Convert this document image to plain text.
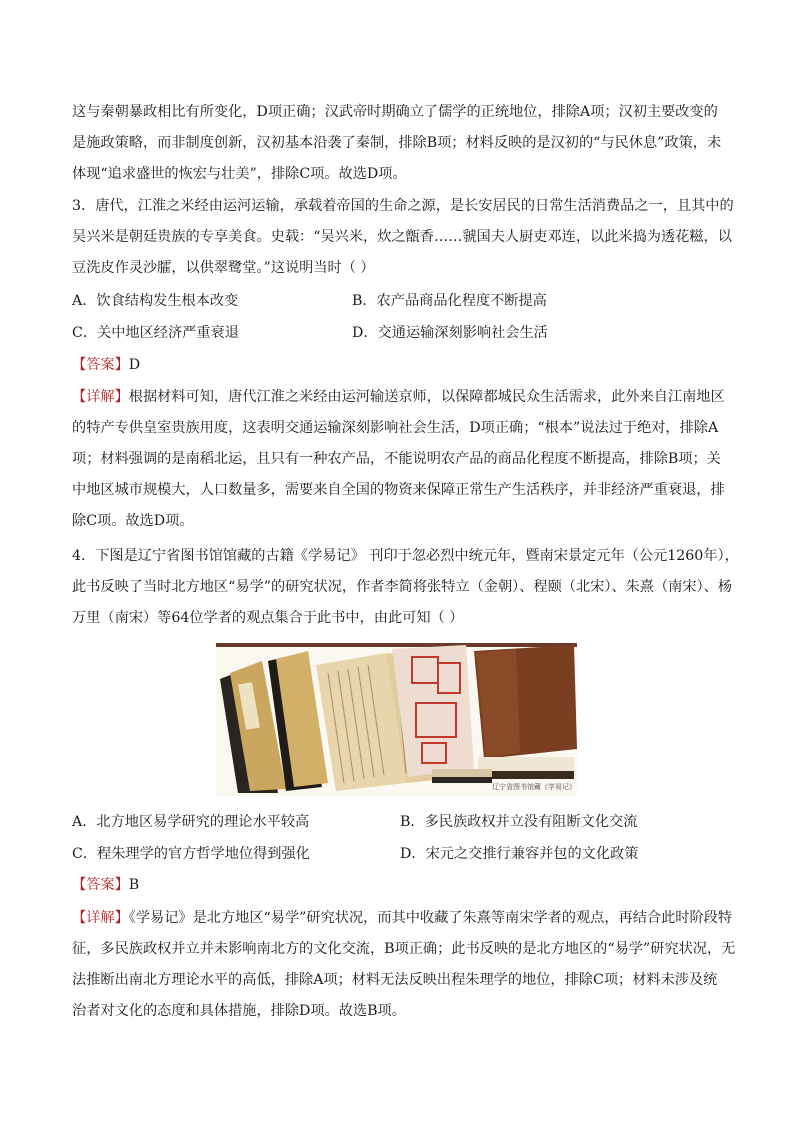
这与秦朝暴政相比有所变化，D项正确；汉武帝时期确立了儒学的正统地位，排除A项；汉初主要改变的
是施政策略，而非制度创新，汉初基本沿袭了秦制，排除B项；材料反映的是汉初的“与民休息”政策，未
体现“追求盛世的恢宏与壮美”，排除C项。故选D项。
3．唐代，江淮之米经由运河运输，承载着帝国的生命之源，是长安居民的日常生活消费品之一，且其中的
吴兴米是朝廷贵族的专享美食。史载：“吴兴米，炊之甑香……虢国夫人厨吏邓连，以此米捣为透花糍，以
豆洗皮作灵沙臛，以供翠鹭堂。”这说明当时（ ）
A．饮食结构发生根本改变	B．农产品商品化程度不断提高
C．关中地区经济严重衰退	D．交通运输深刻影响社会生活
【答案】D
【详解】根据材料可知，唐代江淮之米经由运河输送京师，以保障都城民众生活需求，此外来自江南地区
的特产专供皇室贵族用度，这表明交通运输深刻影响社会生活，D项正确；“根本”说法过于绝对，排除A
项；材料强调的是南稻北运，且只有一种农产品，不能说明农产品的商品化程度不断提高，排除B项；关
中地区城市规模大，人口数量多，需要来自全国的物资来保障正常生产生活秩序，并非经济严重衰退，排
除C项。故选D项。
4．下图是辽宁省图书馆馆藏的古籍《学易记》 刊印于忽必烈中统元年，暨南宋景定元年（公元1260年），
此书反映了当时北方地区“易学”的研究状况，作者李简将张特立（金朝）、程颐（北宋）、朱熹（南宋）、杨
万里（南宋）等64位学者的观点集合于此书中，由此可知（ ）
辽宁省图书馆藏《学易记》
A．北方地区易学研究的理论水平较高	B．多民族政权并立没有阻断文化交流
C．程朱理学的官方哲学地位得到强化	D．宋元之交推行兼容并包的文化政策
【答案】B
【详解】《学易记》是北方地区“易学”研究状况，而其中收藏了朱熹等南宋学者的观点，再结合此时阶段特
征，多民族政权并立并未影响南北方的文化交流，B项正确；此书反映的是北方地区的“易学”研究状况，无
法推断出南北方理论水平的高低，排除A项；材料无法反映出程朱理学的地位，排除C项；材料未涉及统
治者对文化的态度和具体措施，排除D项。故选B项。
